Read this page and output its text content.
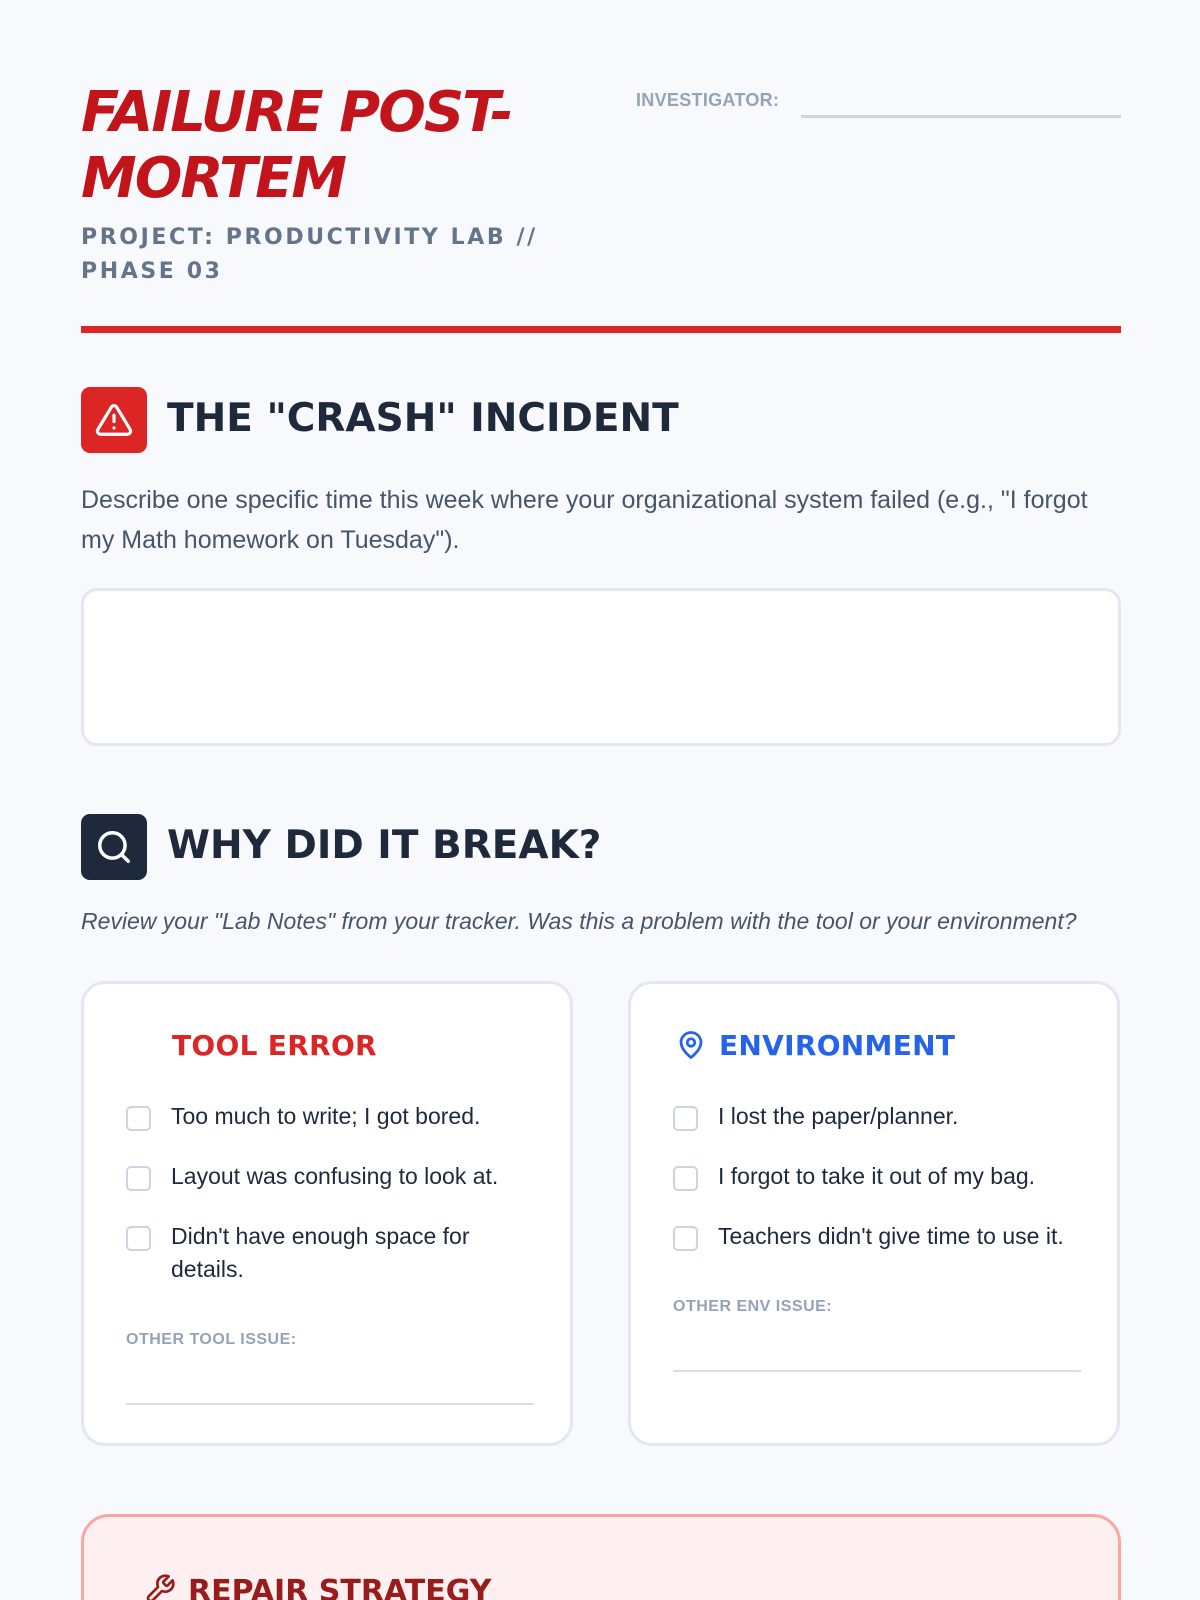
FAILURE POST-MORTEM
PROJECT: PRODUCTIVITY LAB // PHASE 03
INVESTIGATOR:
THE "CRASH" INCIDENT

Describe one specific time this week where your organizational system failed (e.g., "I forgot my Math homework on Tuesday").

WHY DID IT BREAK?

Review your "Lab Notes" from your tracker. Was this a problem with the tool or your environment?

TOOL ERROR
Too much to write; I got bored.
Layout was confusing to look at.
Didn't have enough space for details.
OTHER TOOL ISSUE:
ENVIRONMENT
I lost the paper/planner.
I forgot to take it out of my bag.
Teachers didn't give time to use it.
OTHER ENV ISSUE:
REPAIR STRATEGY
